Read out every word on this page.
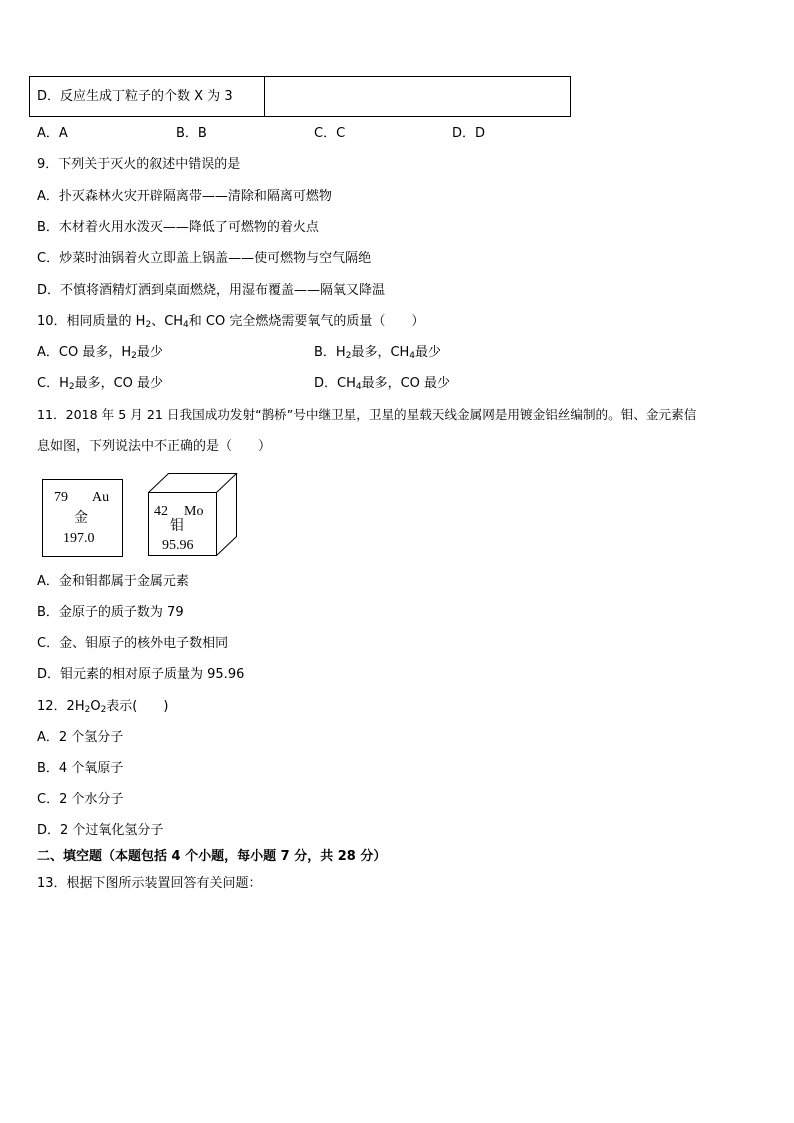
D．反应生成丁粒子的个数 X 为 3
A．A	B．B	C．C	D．D
9．下列关于灭火的叙述中错误的是
A．扑灭森林火灾开辟隔离带——清除和隔离可燃物
B．木材着火用水泼灭——降低了可燃物的着火点
C．炒菜时油锅着火立即盖上锅盖——使可燃物与空气隔绝
D．不慎将酒精灯洒到桌面燃烧，用湿布覆盖——隔氧又降温
10．相同质量的 $H_2$、$CH_4$和 CO 完全燃烧需要氧气的质量（　　）
A．CO 最多，$H_2$最少	B．$H_2$最多，$CH_4$最少
C．$H_2$最多，CO 最少	D．$CH_4$最多，CO 最少
11．2018 年 5 月 21 日我国成功发射“鹊桥”号中继卫星，卫星的星载天线金属网是用镀金铝丝编制的。钼、金元素信
息如图，下列说法中不正确的是（　　）
79 Au
金
197.0
42 Mo
钼
95.96
A．金和钼都属于金属元素
B．金原子的质子数为 79
C．金、钼原子的核外电子数相同
D．钼元素的相对原子质量为 95.96
12．$2H_2O_2$表示(　　)
A．2 个氢分子
B．4 个氧原子
C．2 个水分子
D．2 个过氧化氢分子
二、填空题（本题包括 4 个小题，每小题 7 分，共 28 分）
13．根据下图所示装置回答有关问题：
